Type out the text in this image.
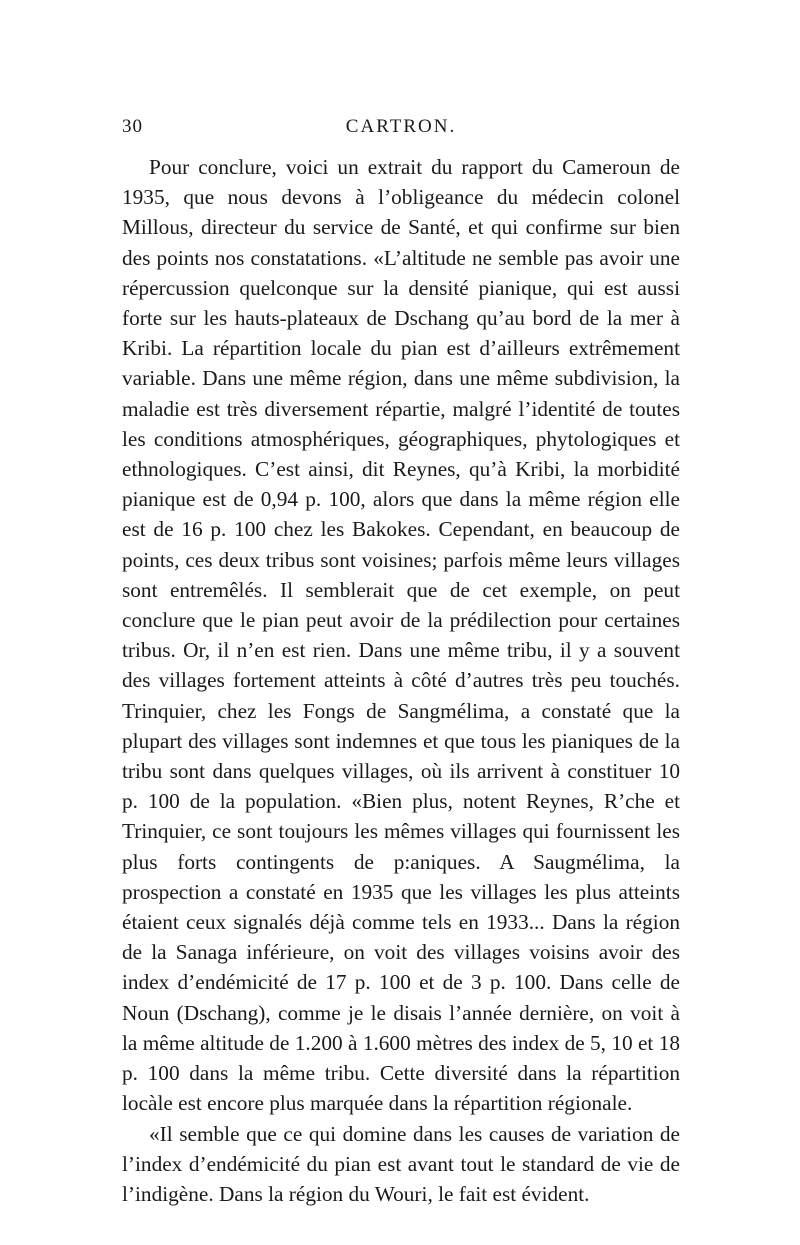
30	CARTRON.

Pour conclure, voici un extrait du rapport du Cameroun de 1935, que nous devons à l’obligeance du médecin colonel Millous, directeur du service de Santé, et qui confirme sur bien des points nos constatations. «L’altitude ne semble pas avoir une répercussion quelconque sur la densité pianique, qui est aussi forte sur les hauts-plateaux de Dschang qu’au bord de la mer à Kribi. La répartition locale du pian est d’ailleurs extrêmement variable. Dans une même région, dans une même subdivision, la maladie est très diversement répartie, malgré l’identité de toutes les conditions atmosphériques, géographiques, phytologiques et ethnologiques. C’est ainsi, dit Reynes, qu’à Kribi, la morbidité pianique est de 0,94 p. 100, alors que dans la même région elle est de 16 p. 100 chez les Bakokes. Cependant, en beaucoup de points, ces deux tribus sont voisines; parfois même leurs villages sont entremêlés. Il semblerait que de cet exemple, on peut conclure que le pian peut avoir de la prédilection pour certaines tribus. Or, il n’en est rien. Dans une même tribu, il y a souvent des villages fortement atteints à côté d’autres très peu touchés. Trinquier, chez les Fongs de Sangmélima, a constaté que la plupart des villages sont indemnes et que tous les pianiques de la tribu sont dans quelques villages, où ils arrivent à constituer 10 p. 100 de la population. «Bien plus, notent Reynes, R’che et Trinquier, ce sont toujours les mêmes villages qui fournissent les plus forts contingents de p:aniques. A Saugmélima, la prospection a constaté en 1935 que les villages les plus atteints étaient ceux signalés déjà comme tels en 1933... Dans la région de la Sanaga inférieure, on voit des villages voisins avoir des index d’endémicité de 17 p. 100 et de 3 p. 100. Dans celle de Noun (Dschang), comme je le disais l’année dernière, on voit à la même altitude de 1.200 à 1.600 mètres des index de 5, 10 et 18 p. 100 dans la même tribu. Cette diversité dans la répartition locàle est encore plus marquée dans la répartition régionale.

«Il semble que ce qui domine dans les causes de variation de l’index d’endémicité du pian est avant tout le standard de vie de l’indigène. Dans la région du Wouri, le fait est évident.
